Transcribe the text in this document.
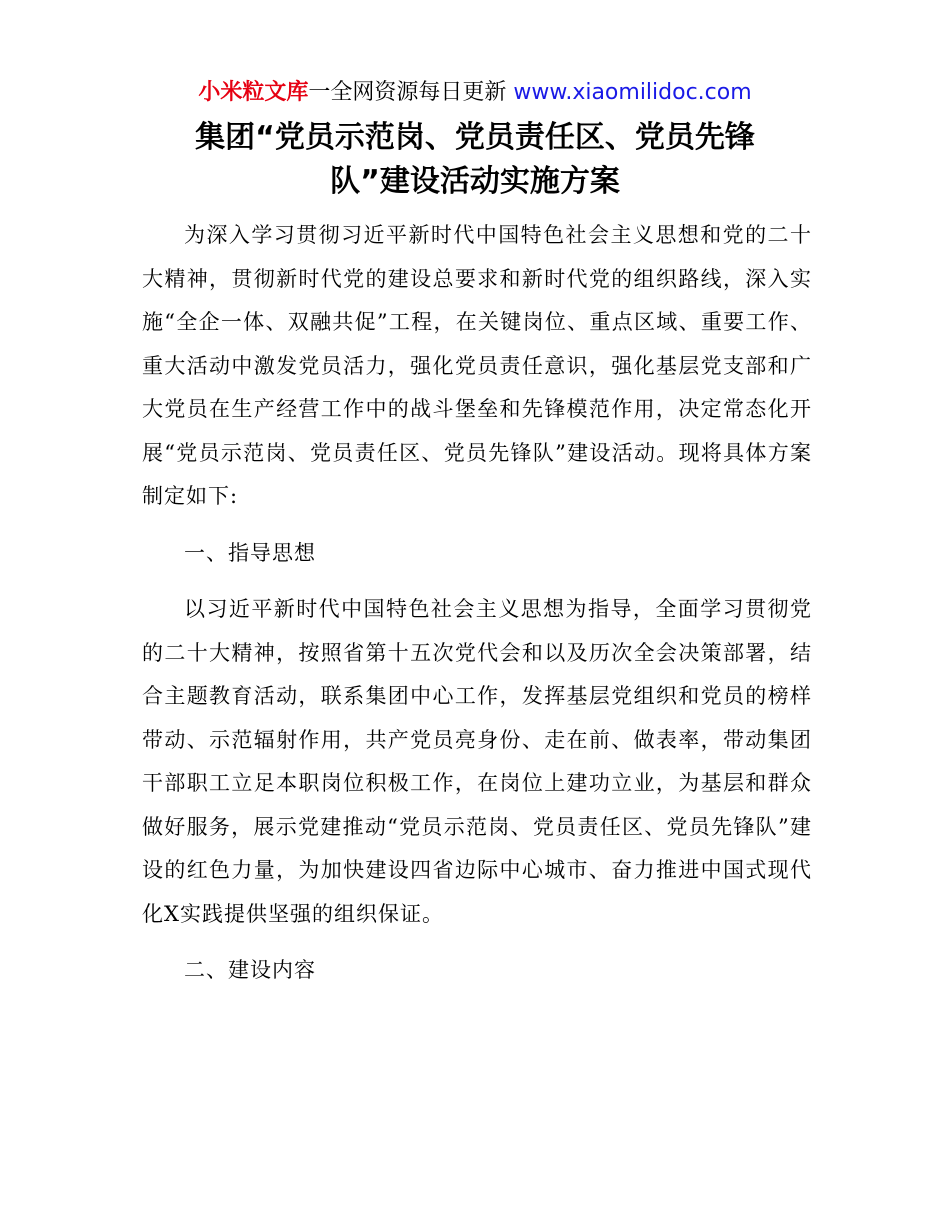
小米粒文库一全网资源每日更新 www.xiaomilidoc.com
集团“党员示范岗、党员责任区、党员先锋
队”建设活动实施方案

为深入学习贯彻习近平新时代中国特色社会主义思想和党的二十大精神，贯彻新时代党的建设总要求和新时代党的组织路线，深入实施“全企一体、双融共促”工程，在关键岗位、重点区域、重要工作、重大活动中激发党员活力，强化党员责任意识，强化基层党支部和广大党员在生产经营工作中的战斗堡垒和先锋模范作用，决定常态化开展“党员示范岗、党员责任区、党员先锋队”建设活动。现将具体方案制定如下:

一、指导思想

以习近平新时代中国特色社会主义思想为指导，全面学习贯彻党的二十大精神，按照省第十五次党代会和以及历次全会决策部署，结合主题教育活动，联系集团中心工作，发挥基层党组织和党员的榜样带动、示范辐射作用，共产党员亮身份、走在前、做表率，带动集团干部职工立足本职岗位积极工作，在岗位上建功立业，为基层和群众做好服务，展示党建推动“党员示范岗、党员责任区、党员先锋队”建设的红色力量，为加快建设四省边际中心城市、奋力推进中国式现代化X实践提供坚强的组织保证。

二、建设内容
